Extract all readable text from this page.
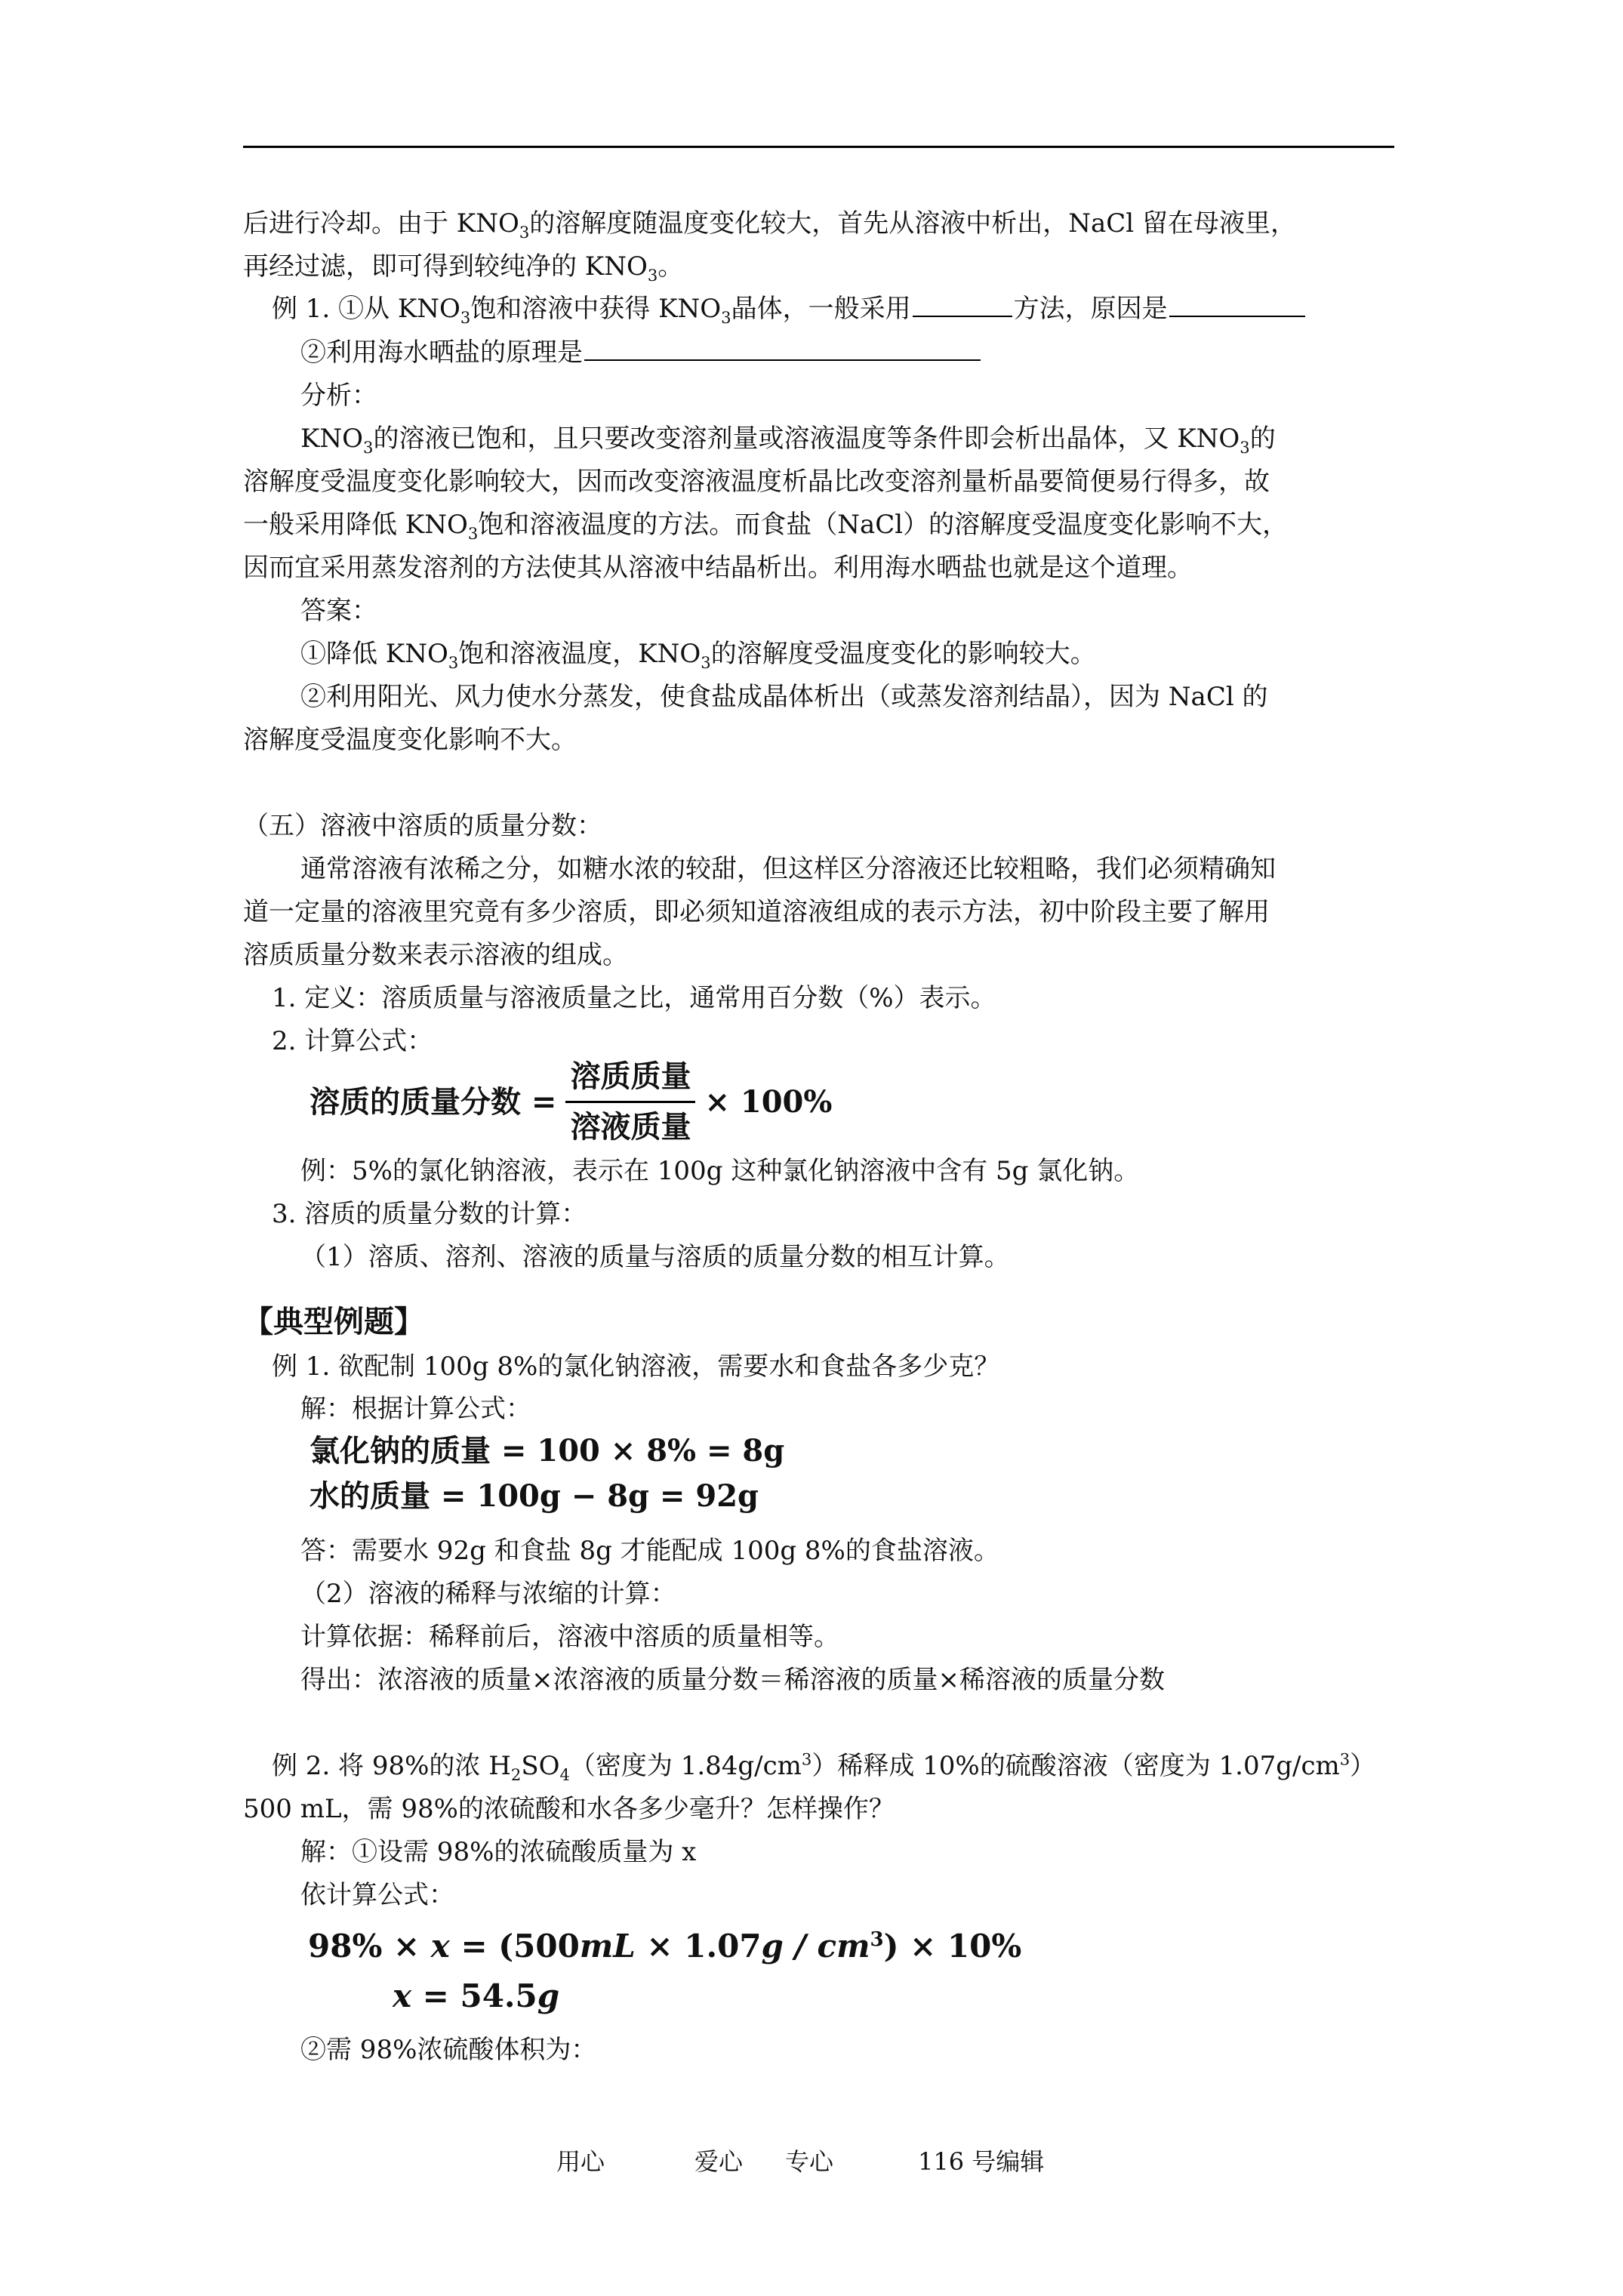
后进行冷却。由于 $KNO_3$的溶解度随温度变化较大，首先从溶液中析出，NaCl 留在母液里，
再经过滤，即可得到较纯净的 $KNO_3$。
例 1. ①从 $KNO_3$饱和溶液中获得 $KNO_3$晶体，一般采用	方法，原因是
②利用海水晒盐的原理是
分析：
$KNO_3$的溶液已饱和，且只要改变溶剂量或溶液温度等条件即会析出晶体，又 $KNO_3$的
溶解度受温度变化影响较大，因而改变溶液温度析晶比改变溶剂量析晶要简便易行得多，故
一般采用降低 $KNO_3$饱和溶液温度的方法。而食盐（NaCl）的溶解度受温度变化影响不大，
因而宜采用蒸发溶剂的方法使其从溶液中结晶析出。利用海水晒盐也就是这个道理。
答案：
①降低 $KNO_3$饱和溶液温度，$KNO_3$的溶解度受温度变化的影响较大。
②利用阳光、风力使水分蒸发，使食盐成晶体析出（或蒸发溶剂结晶），因为 NaCl 的
溶解度受温度变化影响不大。
（五）溶液中溶质的质量分数：
通常溶液有浓稀之分，如糖水浓的较甜，但这样区分溶液还比较粗略，我们必须精确知
道一定量的溶液里究竟有多少溶质，即必须知道溶液组成的表示方法，初中阶段主要了解用
溶质质量分数来表示溶液的组成。
1. 定义：溶质质量与溶液质量之比，通常用百分数（%）表示。
2. 计算公式：
溶质的质量分数 = $\frac{\text{溶质质量}}{\text{溶液质量}} \times 100\%$
例：5%的氯化钠溶液，表示在 100g 这种氯化钠溶液中含有 5g 氯化钠。
3. 溶质的质量分数的计算：
（1）溶质、溶剂、溶液的质量与溶质的质量分数的相互计算。
【典型例题】
例 1. 欲配制 100g 8%的氯化钠溶液，需要水和食盐各多少克？
解：根据计算公式：
氯化钠的质量 = 100 × 8% = 8g
水的质量 = 100g − 8g = 92g
答：需要水 92g 和食盐 8g 才能配成 100g 8%的食盐溶液。
（2）溶液的稀释与浓缩的计算：
计算依据：稀释前后，溶液中溶质的质量相等。
得出：浓溶液的质量×浓溶液的质量分数＝稀溶液的质量×稀溶液的质量分数
例 2. 将 98%的浓 $H_2SO_4$（密度为 $1.84g/cm^3$）稀释成 10%的硫酸溶液（密度为 $1.07g/cm^3$）
500 mL，需 98%的浓硫酸和水各多少毫升？怎样操作？
解：①设需 98%的浓硫酸质量为 x
依计算公式：
$98\% \times x = (500mL \times 1.07g / cm^3) \times 10\%$
x = 54.5g
②需 98%浓硫酸体积为：
用心	爱心 专心	116 号编辑
